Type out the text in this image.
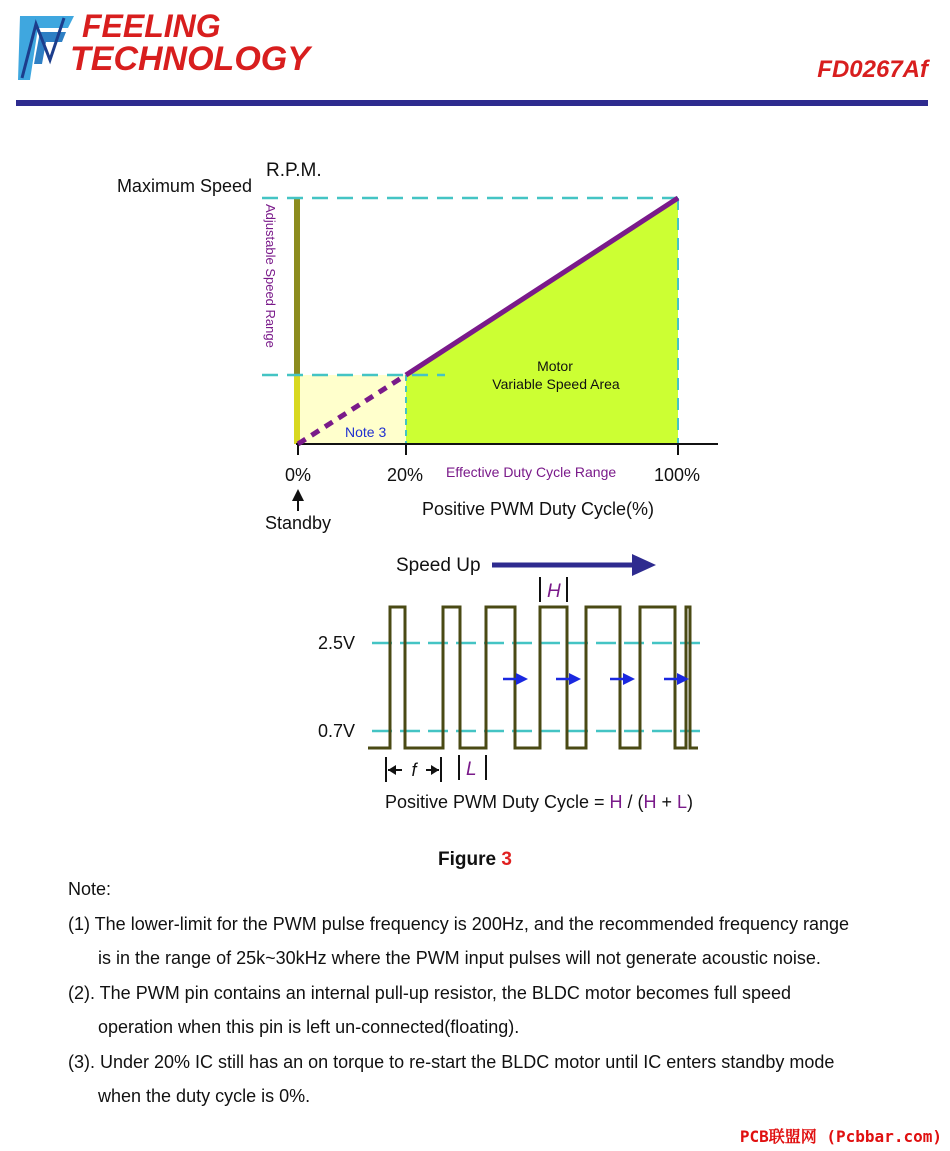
FEELING
TECHNOLOGY	FD0267Af
R.P.M.
Maximum Speed
Adjustable Speed Range
Motor
Variable Speed Area
Note 3
0%	20%	100%
Effective Duty Cycle Range
Standby
Positive PWM Duty Cycle(%)
Speed Up
H
2.5V
0.7V
f	L
Positive PWM Duty Cycle = H / (H + L)
Figure 3
Note:
(1) The lower-limit for the PWM pulse frequency is 200Hz, and the recommended frequency range
is in the range of 25k~30kHz where the PWM input pulses will not generate acoustic noise.
(2). The PWM pin contains an internal pull-up resistor, the BLDC motor becomes full speed
operation when this pin is left un-connected(floating).
(3). Under 20% IC still has an on torque to re-start the BLDC motor until IC enters standby mode
when the duty cycle is 0%.
PCB联盟网 (Pcbbar.com)
